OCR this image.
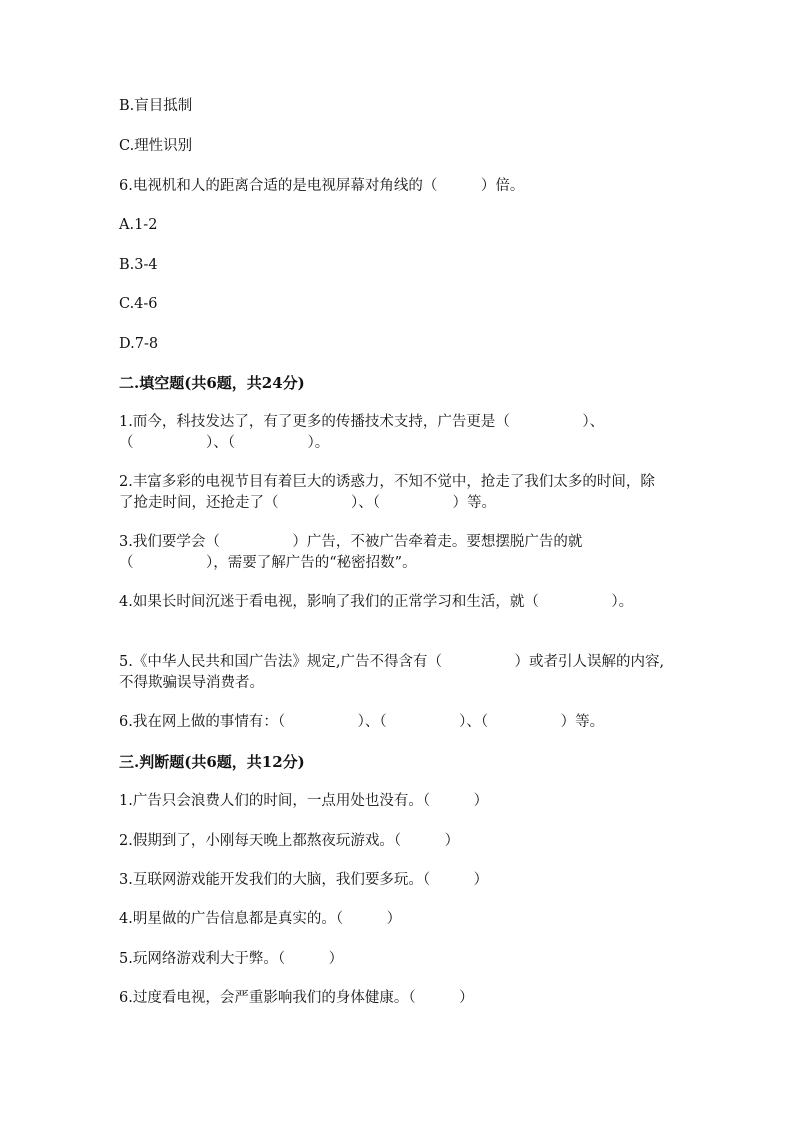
B.盲目抵制
C.理性识别
6.电视机和人的距离合适的是电视屏幕对角线的（　　　）倍。
A.1-2
B.3-4
C.4-6
D.7-8
二.填空题(共6题，共24分)
1.而今，科技发达了，有了更多的传播技术支持，广告更是（　　　　　）、（　　　　　）、（　　　　　）。
2.丰富多彩的电视节目有着巨大的诱惑力，不知不觉中，抢走了我们太多的时间，除了抢走时间，还抢走了（　　　　　）、（　　　　　）等。
3.我们要学会（　　　　　）广告，不被广告牵着走。要想摆脱广告的就（　　　　　），需要了解广告的“秘密招数”。
4.如果长时间沉迷于看电视，影响了我们的正常学习和生活，就（　　　　　）。
5.《中华人民共和国广告法》规定,广告不得含有（　　　　　）或者引人误解的内容,不得欺骗误导消费者。
6.我在网上做的事情有：（　　　　　）、（　　　　　）、（　　　　　）等。
三.判断题(共6题，共12分)
1.广告只会浪费人们的时间，一点用处也没有。（　　　）
2.假期到了，小刚每天晚上都熬夜玩游戏。（　　　）
3.互联网游戏能开发我们的大脑，我们要多玩。（　　　）
4.明星做的广告信息都是真实的。（　　　）
5.玩网络游戏利大于弊。（　　　）
6.过度看电视，会严重影响我们的身体健康。（　　　）
